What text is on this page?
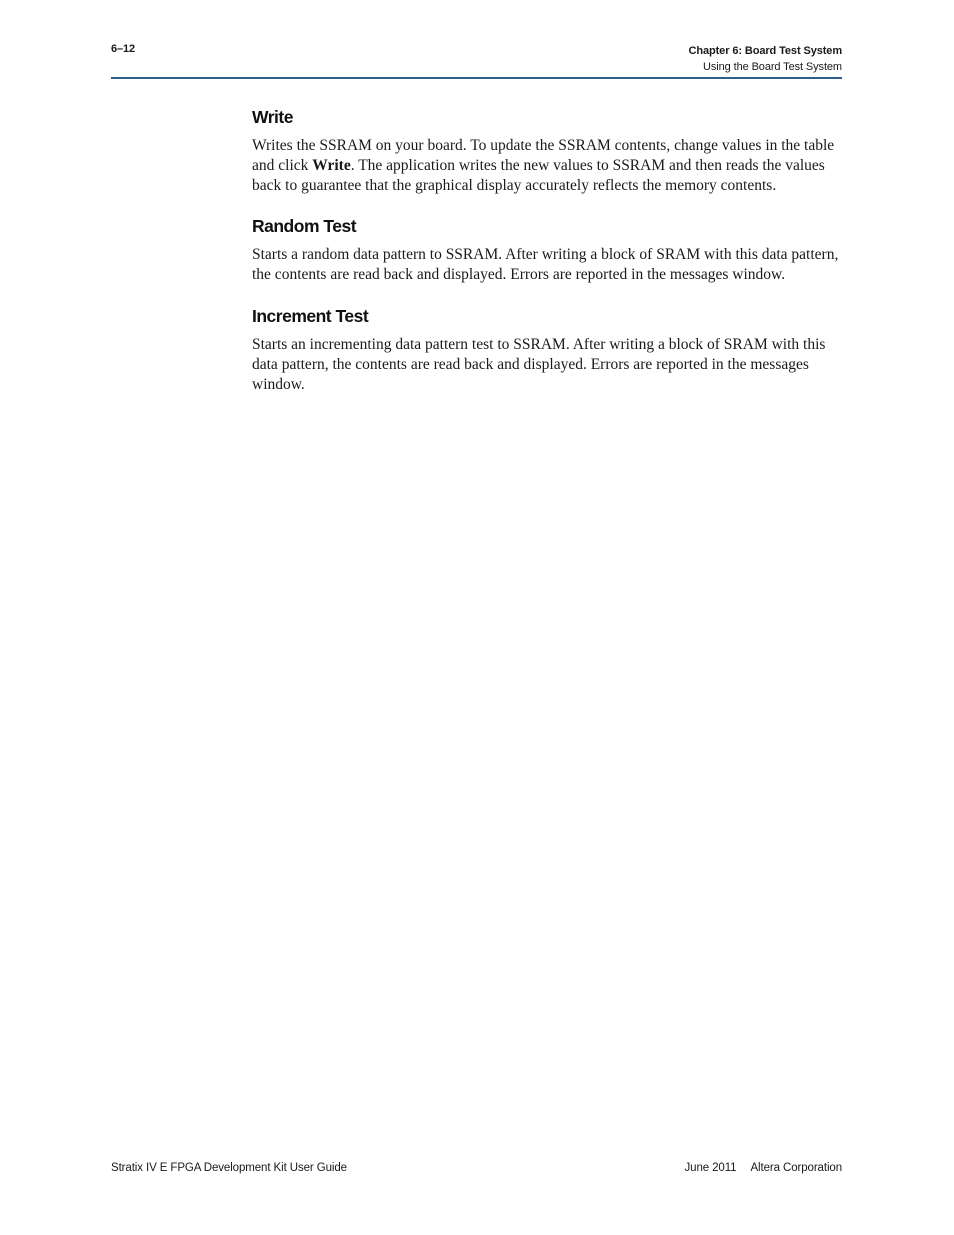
6–12	Chapter 6: Board Test System
Using the Board Test System
Write

Writes the SSRAM on your board. To update the SSRAM contents, change values in the table and click Write. The application writes the new values to SSRAM and then reads the values back to guarantee that the graphical display accurately reflects the memory contents.

Random Test

Starts a random data pattern to SSRAM. After writing a block of SRAM with this data pattern, the contents are read back and displayed. Errors are reported in the messages window.

Increment Test

Starts an incrementing data pattern test to SSRAM. After writing a block of SRAM with this data pattern, the contents are read back and displayed. Errors are reported in the messages window.

Stratix IV E FPGA Development Kit User Guide	June 2011 Altera Corporation
